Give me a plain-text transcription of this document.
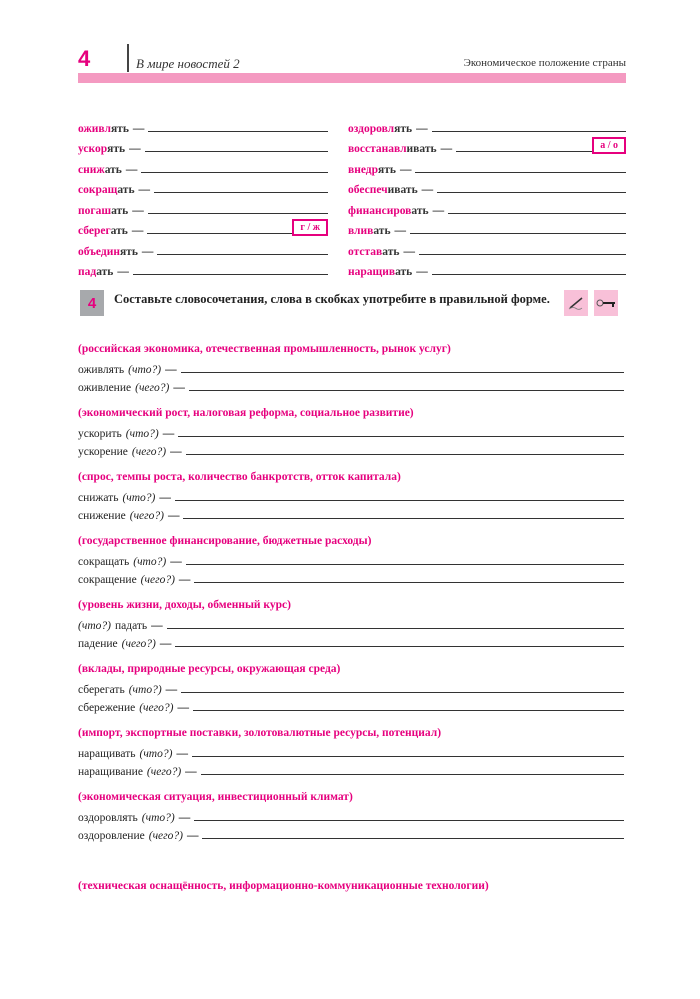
4	В мире новостей 2	Экономическое положение страны
оживл ять —
ускор ять —
сниж ать —
сокращ ать —
погаш ать —
сберег ать —	г / ж
объедин ять —
пад ать —
оздоровл ять —
восстанавл ивать —	а / о
внедр ять —
обеспеч ивать —
финансиров ать —
влив ать —
отстав ать —
наращив ать —
4	Составьте словосочетания, слова в скобках употребите в правильной форме.
(российская экономика, отечественная промышленность, рынок услуг)
оживлять (что?) —
оживление (чего?) —
(экономический рост, налоговая реформа, социальное развитие)
ускорить (что?) —
ускорение (чего?) —
(спрос, темпы роста, количество банкротств, отток капитала)
снижать (что?) —
снижение (чего?) —
(государственное финансирование, бюджетные расходы)
сокращать (что?) —
сокращение (чего?) —
(уровень жизни, доходы, обменный курс)
(что?) падать —
падение (чего?) —
(вклады, природные ресурсы, окружающая среда)
сберегать (что?) —
сбережение (чего?) —
(импорт, экспортные поставки, золотовалютные ресурсы, потенциал)
наращивать (что?) —
наращивание (чего?) —
(экономическая ситуация, инвестиционный климат)
оздоровлять (что?) —
оздоровление (чего?) —
(техническая оснащённость, информационно-коммуникационные технологии)
